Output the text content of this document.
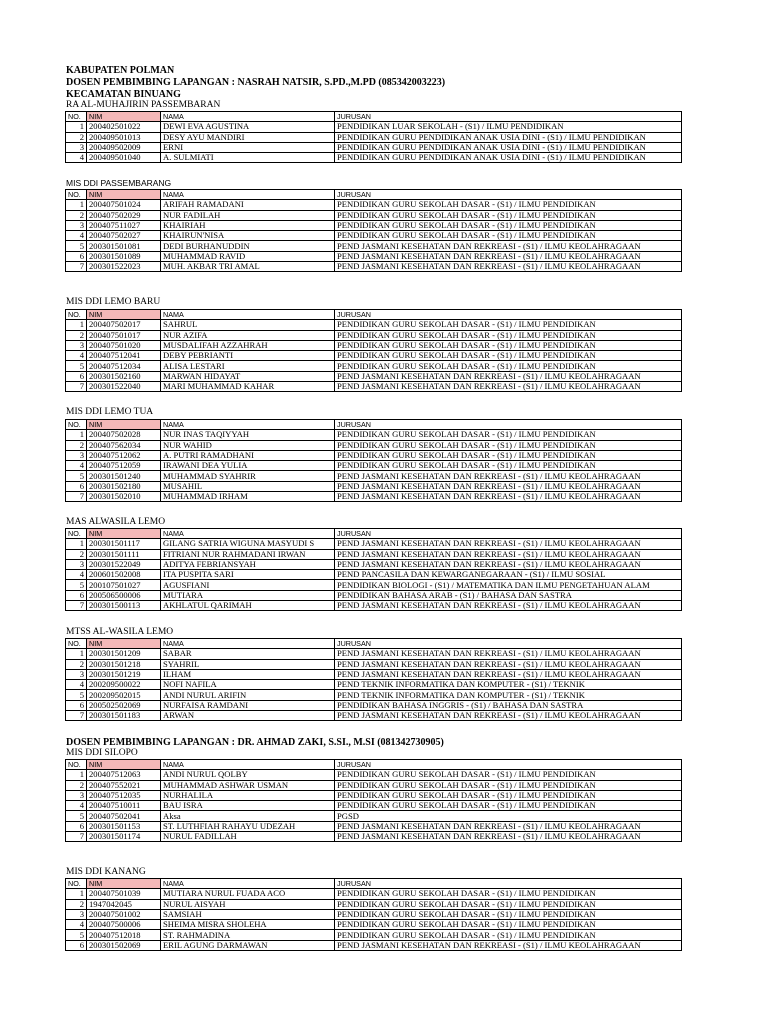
KABUPATEN POLMAN
DOSEN PEMBIMBING LAPANGAN : NASRAH NATSIR, S.PD.,M.PD (085342003223)
KECAMATAN BINUANG
RA AL-MUHAJIRIN PASSEMBARAN
NO.	NIM	NAMA	JURUSAN
1	200402501022	DEWI EVA AGUSTINA	PENDIDIKAN LUAR SEKOLAH - (S1) / ILMU PENDIDIKAN
2	200409501013	DESY AYU MANDIRI	PENDIDIKAN GURU PENDIDIKAN ANAK USIA DINI - (S1) / ILMU PENDIDIKAN
3	200409502009	ERNI	PENDIDIKAN GURU PENDIDIKAN ANAK USIA DINI - (S1) / ILMU PENDIDIKAN
4	200409501040	A. SULMIATI	PENDIDIKAN GURU PENDIDIKAN ANAK USIA DINI - (S1) / ILMU PENDIDIKAN
MIS DDI PASSEMBARANG
NO.	NIM	NAMA	JURUSAN
1	200407501024	ARIFAH RAMADANI	PENDIDIKAN GURU SEKOLAH DASAR - (S1) / ILMU PENDIDIKAN
2	200407502029	NUR FADILAH	PENDIDIKAN GURU SEKOLAH DASAR - (S1) / ILMU PENDIDIKAN
3	200407511027	KHAIRIAH	PENDIDIKAN GURU SEKOLAH DASAR - (S1) / ILMU PENDIDIKAN
4	200407502027	KHAIRUN'NISA	PENDIDIKAN GURU SEKOLAH DASAR - (S1) / ILMU PENDIDIKAN
5	200301501081	DEDI BURHANUDDIN	PEND JASMANI KESEHATAN DAN REKREASI - (S1) / ILMU KEOLAHRAGAAN
6	200301501089	MUHAMMAD RAVID	PEND JASMANI KESEHATAN DAN REKREASI - (S1) / ILMU KEOLAHRAGAAN
7	200301522023	MUH. AKBAR TRI AMAL	PEND JASMANI KESEHATAN DAN REKREASI - (S1) / ILMU KEOLAHRAGAAN
MIS DDI LEMO BARU
NO.	NIM	NAMA	JURUSAN
1	200407502017	SAHRUL	PENDIDIKAN GURU SEKOLAH DASAR - (S1) / ILMU PENDIDIKAN
2	200407501017	NUR AZIFA	PENDIDIKAN GURU SEKOLAH DASAR - (S1) / ILMU PENDIDIKAN
3	200407501020	MUSDALIFAH AZZAHRAH	PENDIDIKAN GURU SEKOLAH DASAR - (S1) / ILMU PENDIDIKAN
4	200407512041	DEBY PEBRIANTI	PENDIDIKAN GURU SEKOLAH DASAR - (S1) / ILMU PENDIDIKAN
5	200407512034	ALISA LESTARI	PENDIDIKAN GURU SEKOLAH DASAR - (S1) / ILMU PENDIDIKAN
6	200301502160	MARWAN HIDAYAT	PEND JASMANI KESEHATAN DAN REKREASI - (S1) / ILMU KEOLAHRAGAAN
7	200301522040	MARI MUHAMMAD KAHAR	PEND JASMANI KESEHATAN DAN REKREASI - (S1) / ILMU KEOLAHRAGAAN
MIS DDI LEMO TUA
NO.	NIM	NAMA	JURUSAN
1	200407502028	NUR INAS TAQIYYAH	PENDIDIKAN GURU SEKOLAH DASAR - (S1) / ILMU PENDIDIKAN
2	200407562034	NUR WAHID	PENDIDIKAN GURU SEKOLAH DASAR - (S1) / ILMU PENDIDIKAN
3	200407512062	A. PUTRI RAMADHANI	PENDIDIKAN GURU SEKOLAH DASAR - (S1) / ILMU PENDIDIKAN
4	200407512059	IRAWANI DEA YULIA	PENDIDIKAN GURU SEKOLAH DASAR - (S1) / ILMU PENDIDIKAN
5	200301501240	MUHAMMAD SYAHRIR	PEND JASMANI KESEHATAN DAN REKREASI - (S1) / ILMU KEOLAHRAGAAN
6	200301502180	MUSAHIL	PEND JASMANI KESEHATAN DAN REKREASI - (S1) / ILMU KEOLAHRAGAAN
7	200301502010	MUHAMMAD IRHAM	PEND JASMANI KESEHATAN DAN REKREASI - (S1) / ILMU KEOLAHRAGAAN
MAS ALWASILA LEMO
NO.	NIM	NAMA	JURUSAN
1	200301501117	GILANG SATRIA WIGUNA MASYUDI S	PEND JASMANI KESEHATAN DAN REKREASI - (S1) / ILMU KEOLAHRAGAAN
2	200301501111	FITRIANI NUR RAHMADANI IRWAN	PEND JASMANI KESEHATAN DAN REKREASI - (S1) / ILMU KEOLAHRAGAAN
3	200301522049	ADITYA FEBRIANSYAH	PEND JASMANI KESEHATAN DAN REKREASI - (S1) / ILMU KEOLAHRAGAAN
4	200601502008	ITA PUSPITA SARI	PEND PANCASILA DAN KEWARGANEGARAAN - (S1) / ILMU SOSIAL
5	200107501027	AGUSFIANI	PENDIDIKAN BIOLOGI - (S1) / MATEMATIKA DAN ILMU PENGETAHUAN ALAM
6	200506500006	MUTIARA	PENDIDIKAN BAHASA ARAB - (S1) / BAHASA DAN SASTRA
7	200301500113	AKHLATUL QARIMAH	PEND JASMANI KESEHATAN DAN REKREASI - (S1) / ILMU KEOLAHRAGAAN
MTSS AL-WASILA LEMO
NO.	NIM	NAMA	JURUSAN
1	200301501209	SABAR	PEND JASMANI KESEHATAN DAN REKREASI - (S1) / ILMU KEOLAHRAGAAN
2	200301501218	SYAHRIL	PEND JASMANI KESEHATAN DAN REKREASI - (S1) / ILMU KEOLAHRAGAAN
3	200301501219	ILHAM	PEND JASMANI KESEHATAN DAN REKREASI - (S1) / ILMU KEOLAHRAGAAN
4	200209500022	NOFI NAFILA	PEND TEKNIK INFORMATIKA DAN KOMPUTER - (S1) / TEKNIK
5	200209502015	ANDI NURUL ARIFIN	PEND TEKNIK INFORMATIKA DAN KOMPUTER - (S1) / TEKNIK
6	200502502069	NURFAISA RAMDANI	PENDIDIKAN BAHASA INGGRIS - (S1) / BAHASA DAN SASTRA
7	200301501183	ARWAN	PEND JASMANI KESEHATAN DAN REKREASI - (S1) / ILMU KEOLAHRAGAAN
DOSEN PEMBIMBING LAPANGAN : DR. AHMAD ZAKI, S.SI., M.SI (081342730905)
MIS DDI SILOPO
NO.	NIM	NAMA	JURUSAN
1	200407512063	ANDI NURUL QOLBY	PENDIDIKAN GURU SEKOLAH DASAR - (S1) / ILMU PENDIDIKAN
2	200407552021	MUHAMMAD ASHWAR USMAN	PENDIDIKAN GURU SEKOLAH DASAR - (S1) / ILMU PENDIDIKAN
3	200407512035	NURHALILA	PENDIDIKAN GURU SEKOLAH DASAR - (S1) / ILMU PENDIDIKAN
4	200407510011	BAU ISRA	PENDIDIKAN GURU SEKOLAH DASAR - (S1) / ILMU PENDIDIKAN
5	200407502041	Aksa	PGSD
6	200301501153	ST. LUTHFIAH RAHAYU UDEZAH	PEND JASMANI KESEHATAN DAN REKREASI - (S1) / ILMU KEOLAHRAGAAN
7	200301501174	NURUL FADILLAH	PEND JASMANI KESEHATAN DAN REKREASI - (S1) / ILMU KEOLAHRAGAAN
MIS DDI KANANG
NO.	NIM	NAMA	JURUSAN
1	200407501039	MUTIARA NURUL FUADA ACO	PENDIDIKAN GURU SEKOLAH DASAR - (S1) / ILMU PENDIDIKAN
2	1947042045	NURUL AISYAH	PENDIDIKAN GURU SEKOLAH DASAR - (S1) / ILMU PENDIDIKAN
3	200407501002	SAMSIAH	PENDIDIKAN GURU SEKOLAH DASAR - (S1) / ILMU PENDIDIKAN
4	200407500006	SHEIMA MISRA SHOLEHA	PENDIDIKAN GURU SEKOLAH DASAR - (S1) / ILMU PENDIDIKAN
5	200407512018	ST. RAHMADINA	PENDIDIKAN GURU SEKOLAH DASAR - (S1) / ILMU PENDIDIKAN
6	200301502069	ERIL AGUNG DARMAWAN	PEND JASMANI KESEHATAN DAN REKREASI - (S1) / ILMU KEOLAHRAGAAN
